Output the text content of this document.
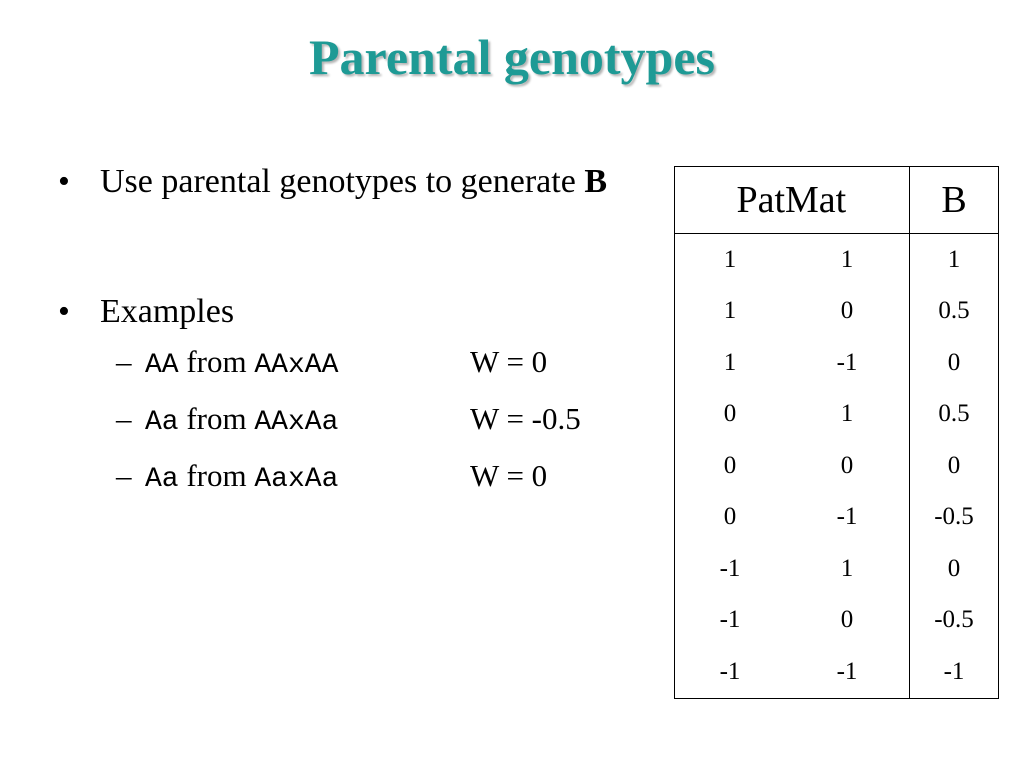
Parental genotypes
• Use parental genotypes to generate B
• Examples
– AA from AAxAA	W = 0
– Aa from AAxAa	W = -0.5
– Aa from AaxAa	W = 0
Pat	Mat	B
1	1	1
1	0	0.5
1	-1	0
0	1	0.5
0	0	0
0	-1	-0.5
-1	1	0
-1	0	-0.5
-1	-1	-1
